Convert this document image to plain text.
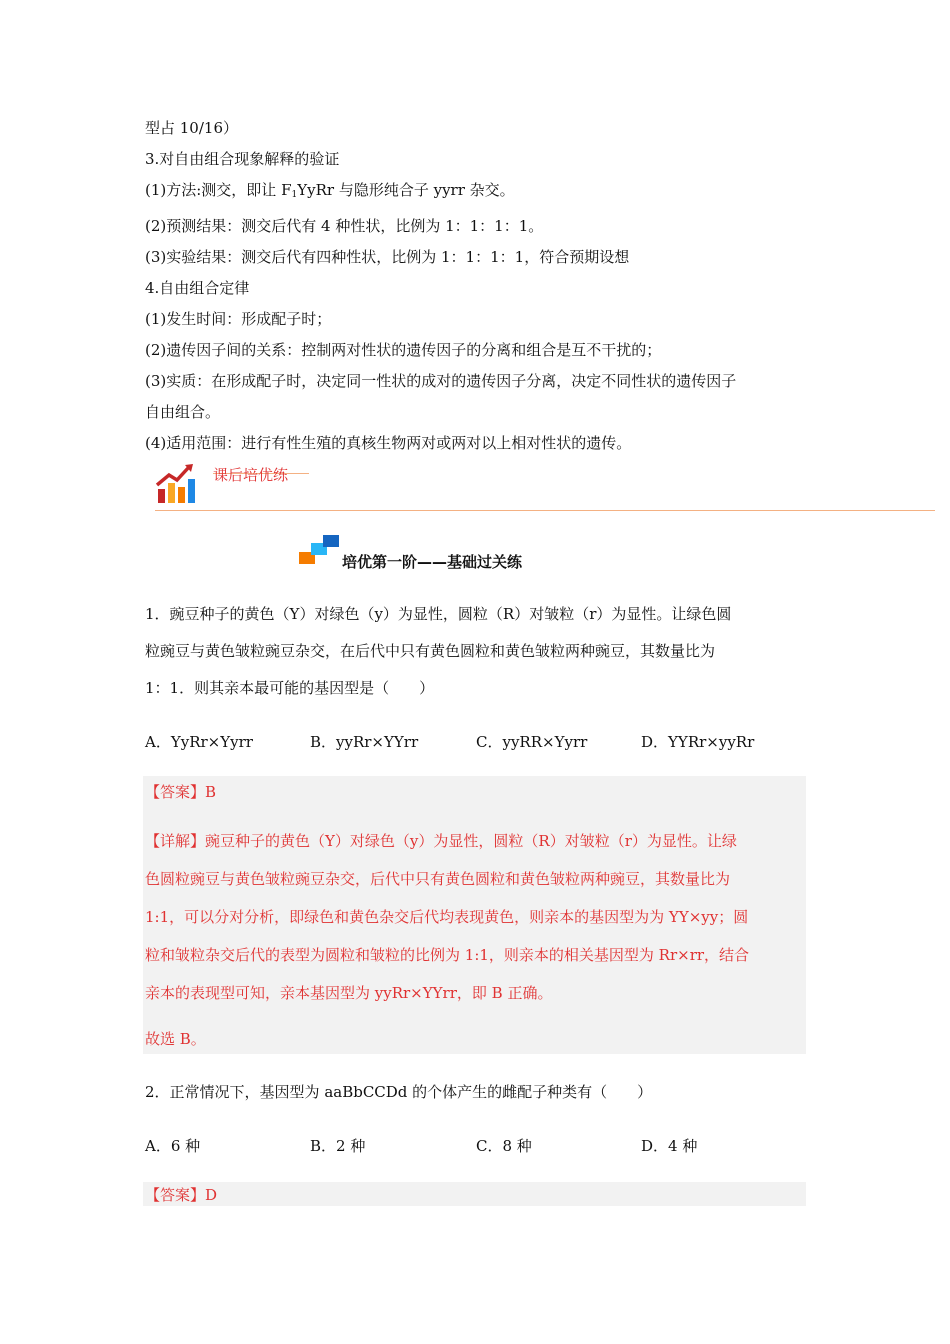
型占 10/16）

3.对自由组合现象解释的验证

(1)方法:测交，即让 $F_1YyRr$ 与隐形纯合子 yyrr 杂交。

(2)预测结果：测交后代有 4 种性状，比例为 1：1：1：1。

(3)实验结果：测交后代有四种性状，比例为 1：1：1：1，符合预期设想

4.自由组合定律

(1)发生时间：形成配子时；

(2)遗传因子间的关系：控制两对性状的遗传因子的分离和组合是互不干扰的；

(3)实质：在形成配子时，决定同一性状的成对的遗传因子分离，决定不同性状的遗传因子

自由组合。

(4)适用范围：进行有性生殖的真核生物两对或两对以上相对性状的遗传。

课后培优练
培优第一阶——基础过关练

1．豌豆种子的黄色（Y）对绿色（y）为显性，圆粒（R）对皱粒（r）为显性。让绿色圆

粒豌豆与黄色皱粒豌豆杂交，在后代中只有黄色圆粒和黄色皱粒两种豌豆，其数量比为

1：1．则其亲本最可能的基因型是（　　）

A．YyRr×Yyrr	B．yyRr×YYrr	C．yyRR×Yyrr	D．YYRr×yyRr
【答案】B

【详解】豌豆种子的黄色（Y）对绿色（y）为显性，圆粒（R）对皱粒（r）为显性。让绿

色圆粒豌豆与黄色皱粒豌豆杂交，后代中只有黄色圆粒和黄色皱粒两种豌豆，其数量比为

1:1，可以分对分析，即绿色和黄色杂交后代均表现黄色，则亲本的基因型为为 YY×yy；圆

粒和皱粒杂交后代的表型为圆粒和皱粒的比例为 1:1，则亲本的相关基因型为 Rr×rr，结合

亲本的表现型可知，亲本基因型为 yyRr×YYrr，即 B 正确。

故选 B。

2．正常情况下，基因型为 aaBbCCDd 的个体产生的雌配子种类有（　　）

A．6 种	B．2 种	C．8 种	D．4 种
【答案】D
